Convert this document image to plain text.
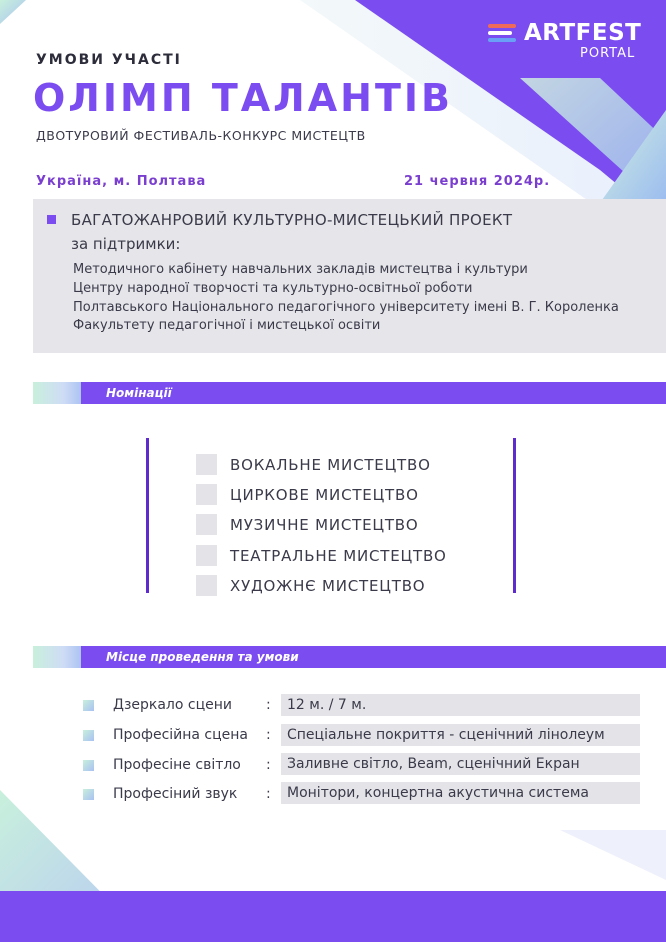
ARTFEST
PORTAL
УМОВИ УЧАСТІ
ОЛІМП ТАЛАНТІВ
ДВОТУРОВИЙ ФЕСТИВАЛЬ-КОНКУРС МИСТЕЦТВ
Україна, м. Полтава	21 червня 2024р.
БАГАТОЖАНРОВИЙ КУЛЬТУРНО-МИСТЕЦЬКИЙ ПРОЕКТ
за підтримки:
Методичного кабінету навчальних закладів мистецтва і культури
Центру народної творчості та культурно-освітньої роботи
Полтавського Національного педагогічного університету імені В. Г. Короленка
Факультету педагогічної і мистецької освіти
Номінації
ВОКАЛЬНЕ МИСТЕЦТВО
ЦИРКОВЕ МИСТЕЦТВО
МУЗИЧНЕ МИСТЕЦТВО
ТЕАТРАЛЬНЕ МИСТЕЦТВО
ХУДОЖНЄ МИСТЕЦТВО
Місце проведення та умови
Дзеркало сцени : 12 м. / 7 м.
Професійна сцена : Спеціальне покриття - сценічний лінолеум
Професіне світло : Заливне світло, Beam, сценічний Екран
Професіний звук : Монітори, концертна акустична система
